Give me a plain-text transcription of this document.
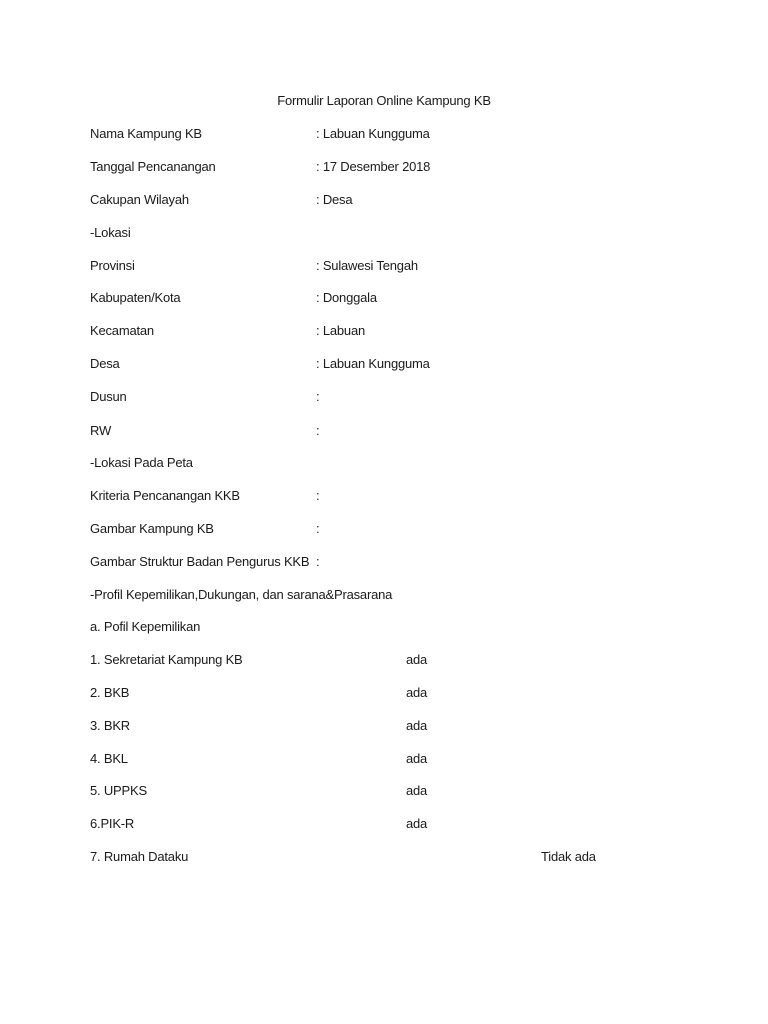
Formulir Laporan Online Kampung KB
Nama Kampung KB	: Labuan Kungguma
Tanggal Pencanangan	: 17 Desember 2018
Cakupan Wilayah	: Desa
-Lokasi
Provinsi	: Sulawesi Tengah
Kabupaten/Kota	: Donggala
Kecamatan	: Labuan
Desa	: Labuan Kungguma
Dusun	:
RW	:
-Lokasi Pada Peta
Kriteria Pencanangan KKB	:
Gambar Kampung KB	:
Gambar Struktur Badan Pengurus KKB :
-Profil Kepemilikan,Dukungan, dan sarana&Prasarana
a. Pofil Kepemilikan
1. Sekretariat Kampung KB	ada
2. BKB	ada
3. BKR	ada
4. BKL	ada
5. UPPKS	ada
6.PIK-R	ada
7. Rumah Dataku	Tidak ada
